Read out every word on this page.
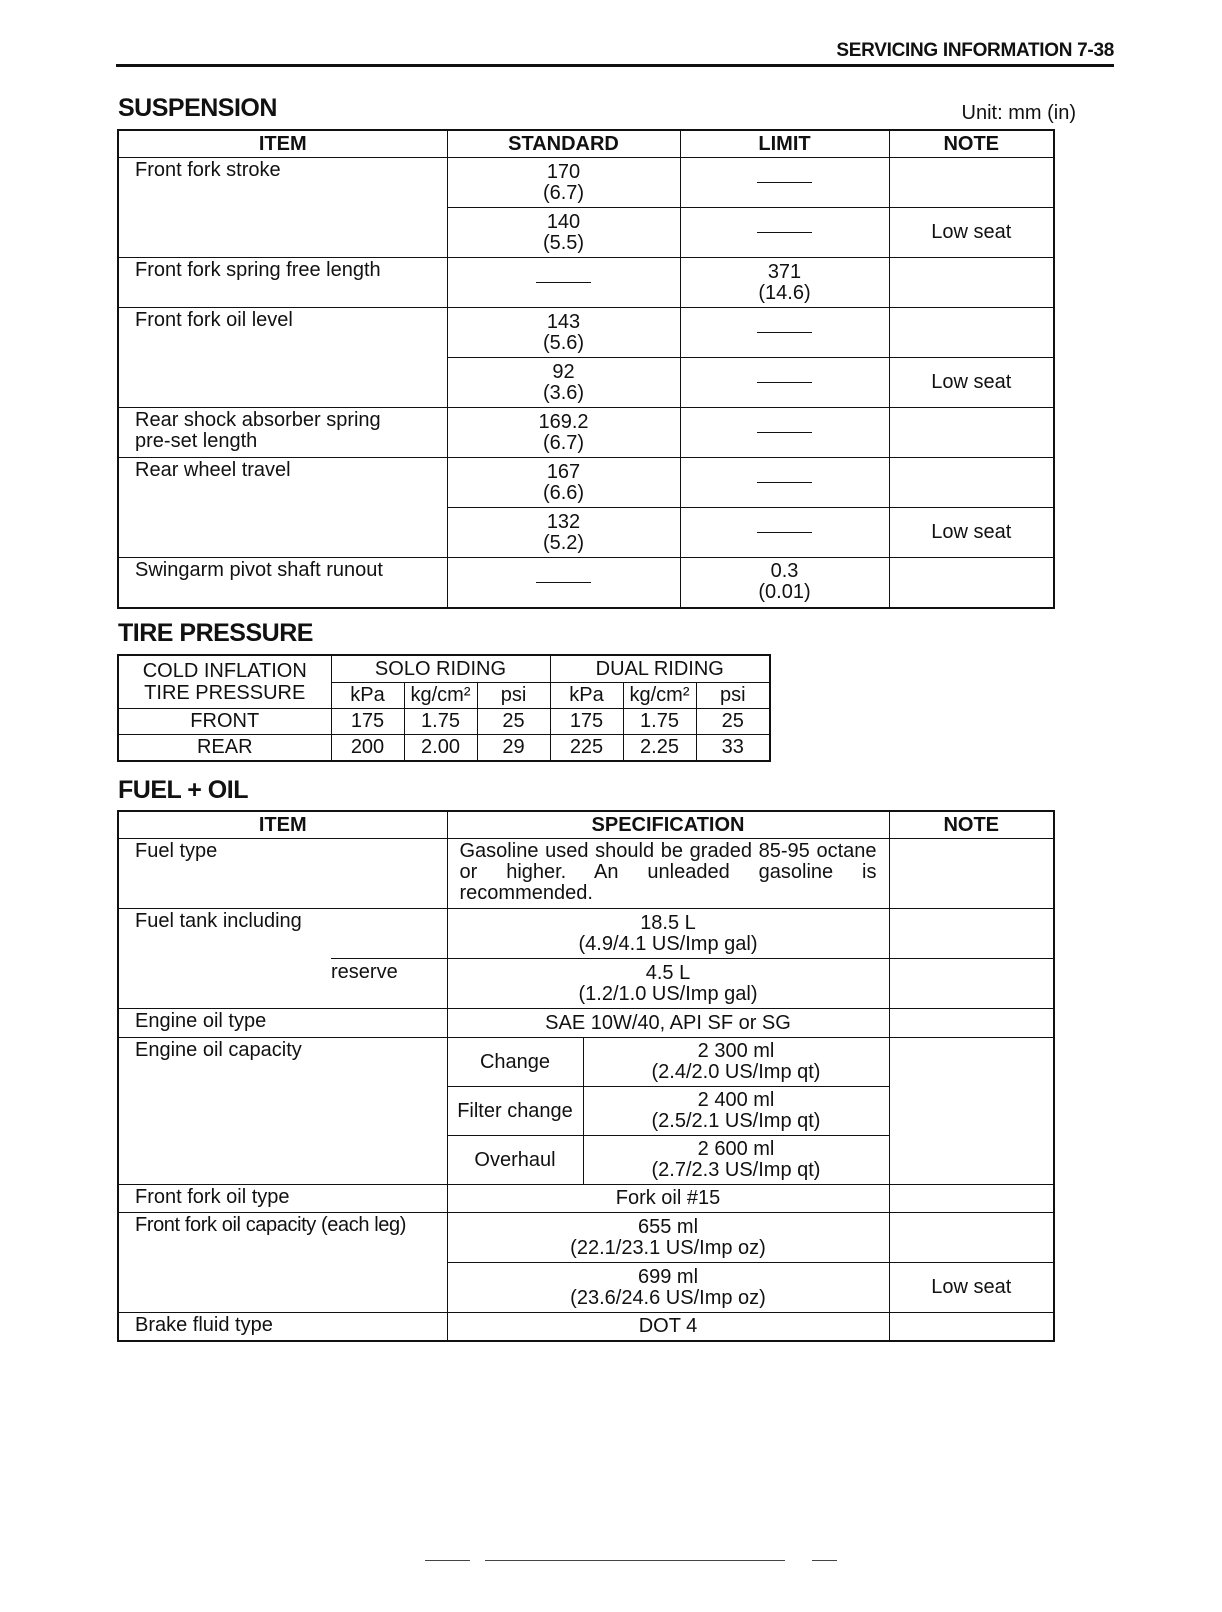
SERVICING INFORMATION 7-38
SUSPENSION	Unit: mm (in)
ITEM	STANDARD	LIMIT	NOTE
Front fork stroke	170
(6.7)		

	140
(5.5)		Low seat
Front fork spring free length		371
(14.6)	

Front fork oil level	143
(5.6)		

	92
(3.6)		Low seat

Rear shock absorber spring
pre-set length	169.2
(6.7)		

Rear wheel travel	167
(6.6)		

	132
(5.2)		Low seat
Swingarm pivot shaft runout		0.3
(0.01)	

TIRE PRESSURE
COLD INFLATION
TIRE PRESSURE	SOLO RIDING			DUAL RIDING		
	kPa	kg/cm²	psi	kPa	kg/cm²	psi
FRONT	175	1.75	25	175	1.75	25
REAR	200	2.00	29	225	2.25	33
FUEL + OIL
ITEM	SPECIFICATION		NOTE
Fuel type	Gasoline used should be graded 85-95 octane or higher. An unleaded gasoline is recommended.		
Fuel tank including	18.5 L
(4.9/4.1 US/Imp gal)		

reserve	4.5 L
(1.2/1.0 US/Imp gal)		

Engine oil type	SAE 10W/40, API SF or SG		
Engine oil capacity	Change	2 300 ml
(2.4/2.0 US/Imp qt)	

	Filter change	2 400 ml
(2.5/2.1 US/Imp qt)	

	Overhaul	2 600 ml
(2.7/2.3 US/Imp qt)	

Front fork oil type	Fork oil #15		
Front fork oil capacity (each leg)	655 ml
(22.1/23.1 US/Imp oz)		

	699 ml
(23.6/24.6 US/Imp oz)		Low seat
Brake fluid type	DOT 4		
